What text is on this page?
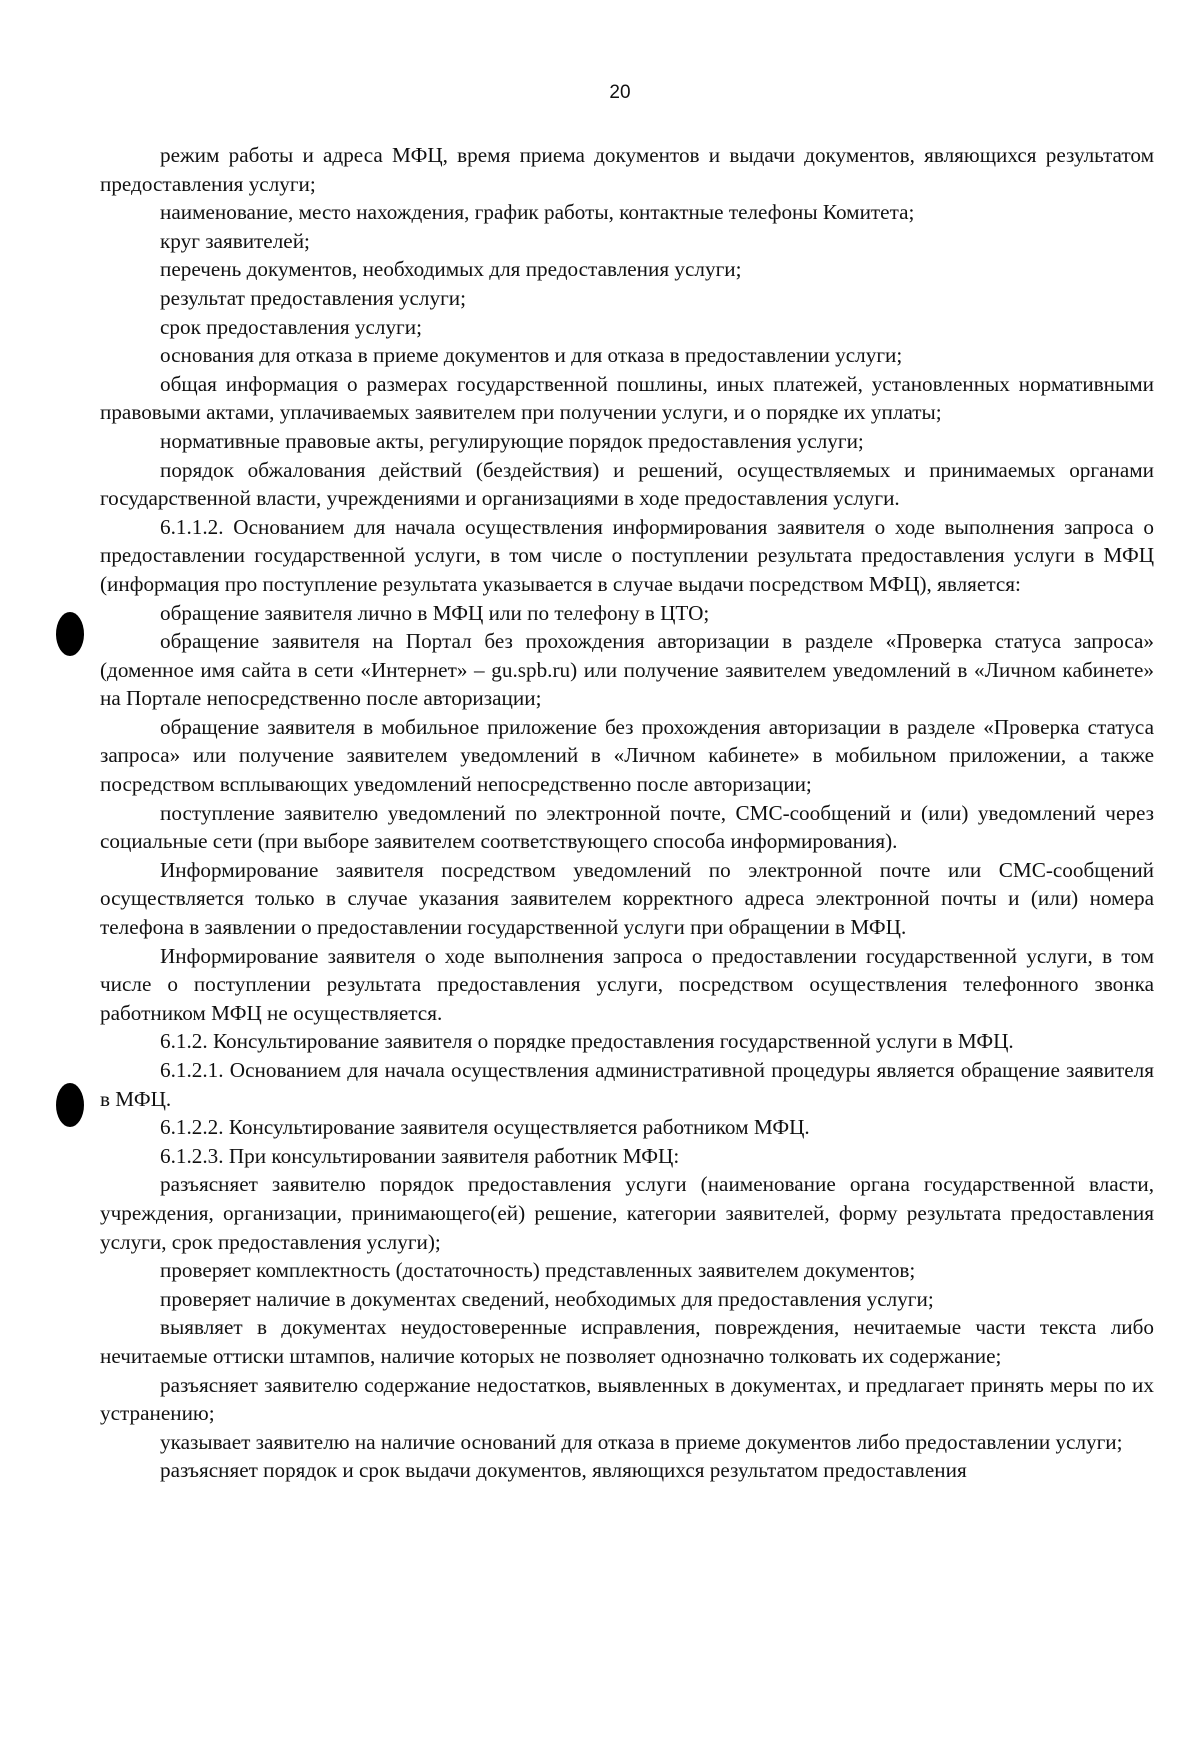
20

режим работы и адреса МФЦ, время приема документов и выдачи документов, являющихся результатом предоставления услуги;

наименование, место нахождения, график работы, контактные телефоны Комитета;

круг заявителей;

перечень документов, необходимых для предоставления услуги;

результат предоставления услуги;

срок предоставления услуги;

основания для отказа в приеме документов и для отказа в предоставлении услуги;

общая информация о размерах государственной пошлины, иных платежей, установленных нормативными правовыми актами, уплачиваемых заявителем при получении услуги, и о порядке их уплаты;

нормативные правовые акты, регулирующие порядок предоставления услуги;

порядок обжалования действий (бездействия) и решений, осуществляемых и принимаемых органами государственной власти, учреждениями и организациями в ходе предоставления услуги.

6.1.1.2. Основанием для начала осуществления информирования заявителя о ходе выполнения запроса о предоставлении государственной услуги, в том числе о поступлении результата предоставления услуги в МФЦ (информация про поступление результата указывается в случае выдачи посредством МФЦ), является:

обращение заявителя лично в МФЦ или по телефону в ЦТО;

обращение заявителя на Портал без прохождения авторизации в разделе «Проверка статуса запроса» (доменное имя сайта в сети «Интернет» – gu.spb.ru) или получение заявителем уведомлений в «Личном кабинете» на Портале непосредственно после авторизации;

обращение заявителя в мобильное приложение без прохождения авторизации в разделе «Проверка статуса запроса» или получение заявителем уведомлений в «Личном кабинете» в мобильном приложении, а также посредством всплывающих уведомлений непосредственно после авторизации;

поступление заявителю уведомлений по электронной почте, СМС-сообщений и (или) уведомлений через социальные сети (при выборе заявителем соответствующего способа информирования).

Информирование заявителя посредством уведомлений по электронной почте или СМС-сообщений осуществляется только в случае указания заявителем корректного адреса электронной почты и (или) номера телефона в заявлении о предоставлении государственной услуги при обращении в МФЦ.

Информирование заявителя о ходе выполнения запроса о предоставлении государственной услуги, в том числе о поступлении результата предоставления услуги, посредством осуществления телефонного звонка работником МФЦ не осуществляется.

6.1.2. Консультирование заявителя о порядке предоставления государственной услуги в МФЦ.

6.1.2.1. Основанием для начала осуществления административной процедуры является обращение заявителя в МФЦ.

6.1.2.2. Консультирование заявителя осуществляется работником МФЦ.

6.1.2.3. При консультировании заявителя работник МФЦ:

разъясняет заявителю порядок предоставления услуги (наименование органа государственной власти, учреждения, организации, принимающего(ей) решение, категории заявителей, форму результата предоставления услуги, срок предоставления услуги);

проверяет комплектность (достаточность) представленных заявителем документов;

проверяет наличие в документах сведений, необходимых для предоставления услуги;

выявляет в документах неудостоверенные исправления, повреждения, нечитаемые части текста либо нечитаемые оттиски штампов, наличие которых не позволяет однозначно толковать их содержание;

разъясняет заявителю содержание недостатков, выявленных в документах, и предлагает принять меры по их устранению;

указывает заявителю на наличие оснований для отказа в приеме документов либо предоставлении услуги;

разъясняет порядок и срок выдачи документов, являющихся результатом предоставления
